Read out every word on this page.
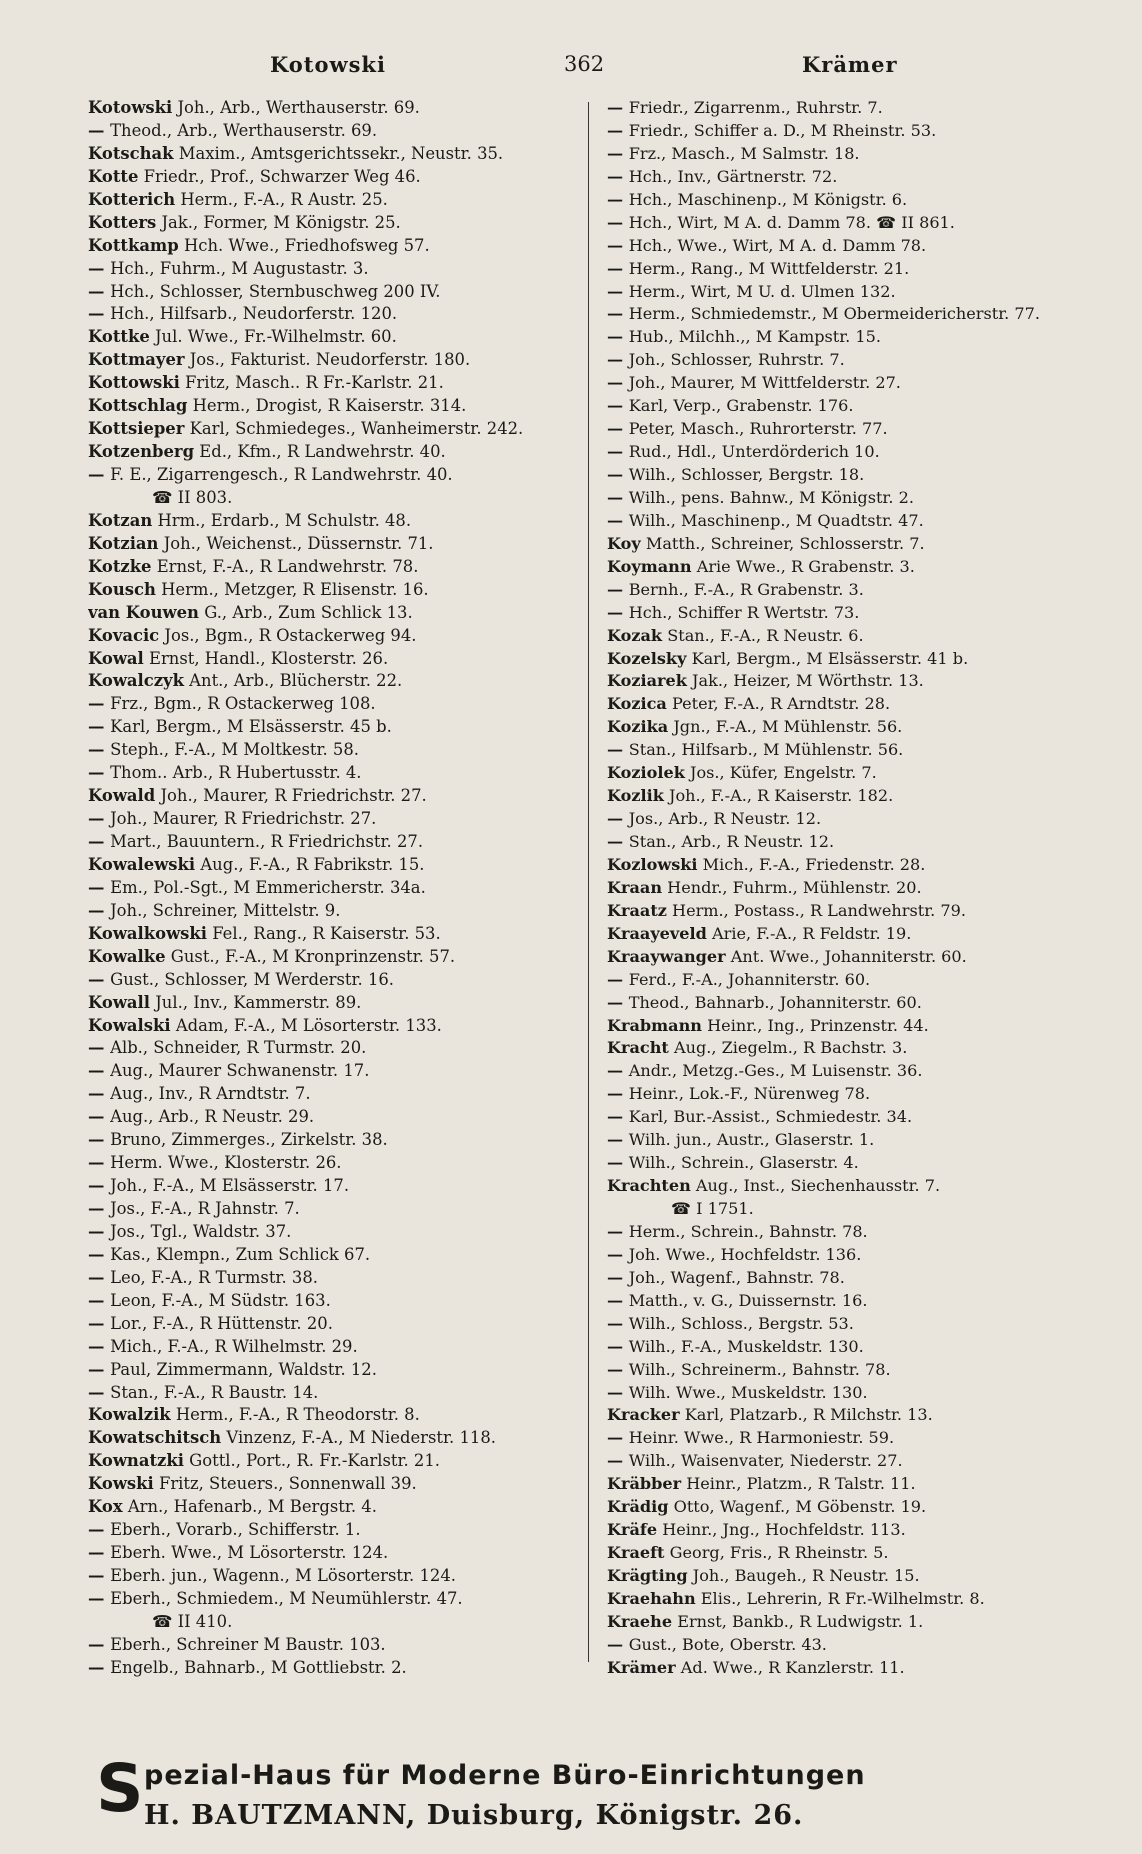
Kotowski	362	Krämer
Kotowski Joh., Arb., Werthauserstr. 69.
— Theod., Arb., Werthauserstr. 69.
Kotschak Maxim., Amtsgerichtssekr., Neustr. 35.
Kotte Friedr., Prof., Schwarzer Weg 46.
Kotterich Herm., F.-A., R Austr. 25.
Kotters Jak., Former, M Königstr. 25.
Kottkamp Hch. Wwe., Friedhofsweg 57.
— Hch., Fuhrm., M Augustastr. 3.
— Hch., Schlosser, Sternbuschweg 200 IV.
— Hch., Hilfsarb., Neudorferstr. 120.
Kottke Jul. Wwe., Fr.-Wilhelmstr. 60.
Kottmayer Jos., Fakturist. Neudorferstr. 180.
Kottowski Fritz, Masch.. R Fr.-Karlstr. 21.
Kottschlag Herm., Drogist, R Kaiserstr. 314.
Kottsieper Karl, Schmiedeges., Wanheimerstr. 242.
Kotzenberg Ed., Kfm., R Landwehrstr. 40.
— F. E., Zigarrengesch., R Landwehrstr. 40.
☎ II 803.
Kotzan Hrm., Erdarb., M Schulstr. 48.
Kotzian Joh., Weichenst., Düssernstr. 71.
Kotzke Ernst, F.-A., R Landwehrstr. 78.
Kousch Herm., Metzger, R Elisenstr. 16.
van Kouwen G., Arb., Zum Schlick 13.
Kovacic Jos., Bgm., R Ostackerweg 94.
Kowal Ernst, Handl., Klosterstr. 26.
Kowalczyk Ant., Arb., Blücherstr. 22.
— Frz., Bgm., R Ostackerweg 108.
— Karl, Bergm., M Elsässerstr. 45 b.
— Steph., F.-A., M Moltkestr. 58.
— Thom.. Arb., R Hubertusstr. 4.
Kowald Joh., Maurer, R Friedrichstr. 27.
— Joh., Maurer, R Friedrichstr. 27.
— Mart., Bauuntern., R Friedrichstr. 27.
Kowalewski Aug., F.-A., R Fabrikstr. 15.
— Em., Pol.-Sgt., M Emmericherstr. 34a.
— Joh., Schreiner, Mittelstr. 9.
Kowalkowski Fel., Rang., R Kaiserstr. 53.
Kowalke Gust., F.-A., M Kronprinzenstr. 57.
— Gust., Schlosser, M Werderstr. 16.
Kowall Jul., Inv., Kammerstr. 89.
Kowalski Adam, F.-A., M Lösorterstr. 133.
— Alb., Schneider, R Turmstr. 20.
— Aug., Maurer Schwanenstr. 17.
— Aug., Inv., R Arndtstr. 7.
— Aug., Arb., R Neustr. 29.
— Bruno, Zimmerges., Zirkelstr. 38.
— Herm. Wwe., Klosterstr. 26.
— Joh., F.-A., M Elsässerstr. 17.
— Jos., F.-A., R Jahnstr. 7.
— Jos., Tgl., Waldstr. 37.
— Kas., Klempn., Zum Schlick 67.
— Leo, F.-A., R Turmstr. 38.
— Leon, F.-A., M Südstr. 163.
— Lor., F.-A., R Hüttenstr. 20.
— Mich., F.-A., R Wilhelmstr. 29.
— Paul, Zimmermann, Waldstr. 12.
— Stan., F.-A., R Baustr. 14.
Kowalzik Herm., F.-A., R Theodorstr. 8.
Kowatschitsch Vinzenz, F.-A., M Niederstr. 118.
Kownatzki Gottl., Port., R. Fr.-Karlstr. 21.
Kowski Fritz, Steuers., Sonnenwall 39.
Kox Arn., Hafenarb., M Bergstr. 4.
— Eberh., Vorarb., Schifferstr. 1.
— Eberh. Wwe., M Lösorterstr. 124.
— Eberh. jun., Wagenn., M Lösorterstr. 124.
— Eberh., Schmiedem., M Neumühlerstr. 47.
☎ II 410.
— Eberh., Schreiner M Baustr. 103.
— Engelb., Bahnarb., M Gottliebstr. 2.
— Friedr., Zigarrenm., Ruhrstr. 7.
— Friedr., Schiffer a. D., M Rheinstr. 53.
— Frz., Masch., M Salmstr. 18.
— Hch., Inv., Gärtnerstr. 72.
— Hch., Maschinenp., M Königstr. 6.
— Hch., Wirt, M A. d. Damm 78. ☎ II 861.
— Hch., Wwe., Wirt, M A. d. Damm 78.
— Herm., Rang., M Wittfelderstr. 21.
— Herm., Wirt, M U. d. Ulmen 132.
— Herm., Schmiedemstr., M Obermeidericherstr. 77.
— Hub., Milchh.,, M Kampstr. 15.
— Joh., Schlosser, Ruhrstr. 7.
— Joh., Maurer, M Wittfelderstr. 27.
— Karl, Verp., Grabenstr. 176.
— Peter, Masch., Ruhrorterstr. 77.
— Rud., Hdl., Unterdörderich 10.
— Wilh., Schlosser, Bergstr. 18.
— Wilh., pens. Bahnw., M Königstr. 2.
— Wilh., Maschinenp., M Quadtstr. 47.
Koy Matth., Schreiner, Schlosserstr. 7.
Koymann Arie Wwe., R Grabenstr. 3.
— Bernh., F.-A., R Grabenstr. 3.
— Hch., Schiffer R Wertstr. 73.
Kozak Stan., F.-A., R Neustr. 6.
Kozelsky Karl, Bergm., M Elsässerstr. 41 b.
Koziarek Jak., Heizer, M Wörthstr. 13.
Kozica Peter, F.-A., R Arndtstr. 28.
Kozika Jgn., F.-A., M Mühlenstr. 56.
— Stan., Hilfsarb., M Mühlenstr. 56.
Koziolek Jos., Küfer, Engelstr. 7.
Kozlik Joh., F.-A., R Kaiserstr. 182.
— Jos., Arb., R Neustr. 12.
— Stan., Arb., R Neustr. 12.
Kozlowski Mich., F.-A., Friedenstr. 28.
Kraan Hendr., Fuhrm., Mühlenstr. 20.
Kraatz Herm., Postass., R Landwehrstr. 79.
Kraayeveld Arie, F.-A., R Feldstr. 19.
Kraaywanger Ant. Wwe., Johanniterstr. 60.
— Ferd., F.-A., Johanniterstr. 60.
— Theod., Bahnarb., Johanniterstr. 60.
Krabmann Heinr., Ing., Prinzenstr. 44.
Kracht Aug., Ziegelm., R Bachstr. 3.
— Andr., Metzg.-Ges., M Luisenstr. 36.
— Heinr., Lok.-F., Nürenweg 78.
— Karl, Bur.-Assist., Schmiedestr. 34.
— Wilh. jun., Austr., Glaserstr. 1.
— Wilh., Schrein., Glaserstr. 4.
Krachten Aug., Inst., Siechenhausstr. 7.
☎ I 1751.
— Herm., Schrein., Bahnstr. 78.
— Joh. Wwe., Hochfeldstr. 136.
— Joh., Wagenf., Bahnstr. 78.
— Matth., v. G., Duissernstr. 16.
— Wilh., Schloss., Bergstr. 53.
— Wilh., F.-A., Muskeldstr. 130.
— Wilh., Schreinerm., Bahnstr. 78.
— Wilh. Wwe., Muskeldstr. 130.
Kracker Karl, Platzarb., R Milchstr. 13.
— Heinr. Wwe., R Harmoniestr. 59.
— Wilh., Waisenvater, Niederstr. 27.
Kräbber Heinr., Platzm., R Talstr. 11.
Krädig Otto, Wagenf., M Göbenstr. 19.
Kräfe Heinr., Jng., Hochfeldstr. 113.
Kraeft Georg, Fris., R Rheinstr. 5.
Krägting Joh., Baugeh., R Neustr. 15.
Kraehahn Elis., Lehrerin, R Fr.-Wilhelmstr. 8.
Kraehe Ernst, Bankb., R Ludwigstr. 1.
— Gust., Bote, Oberstr. 43.
Krämer Ad. Wwe., R Kanzlerstr. 11.
S pezial-Haus für Moderne Büro-Einrichtungen
H. BAUTZMANN, Duisburg, Königstr. 26.
